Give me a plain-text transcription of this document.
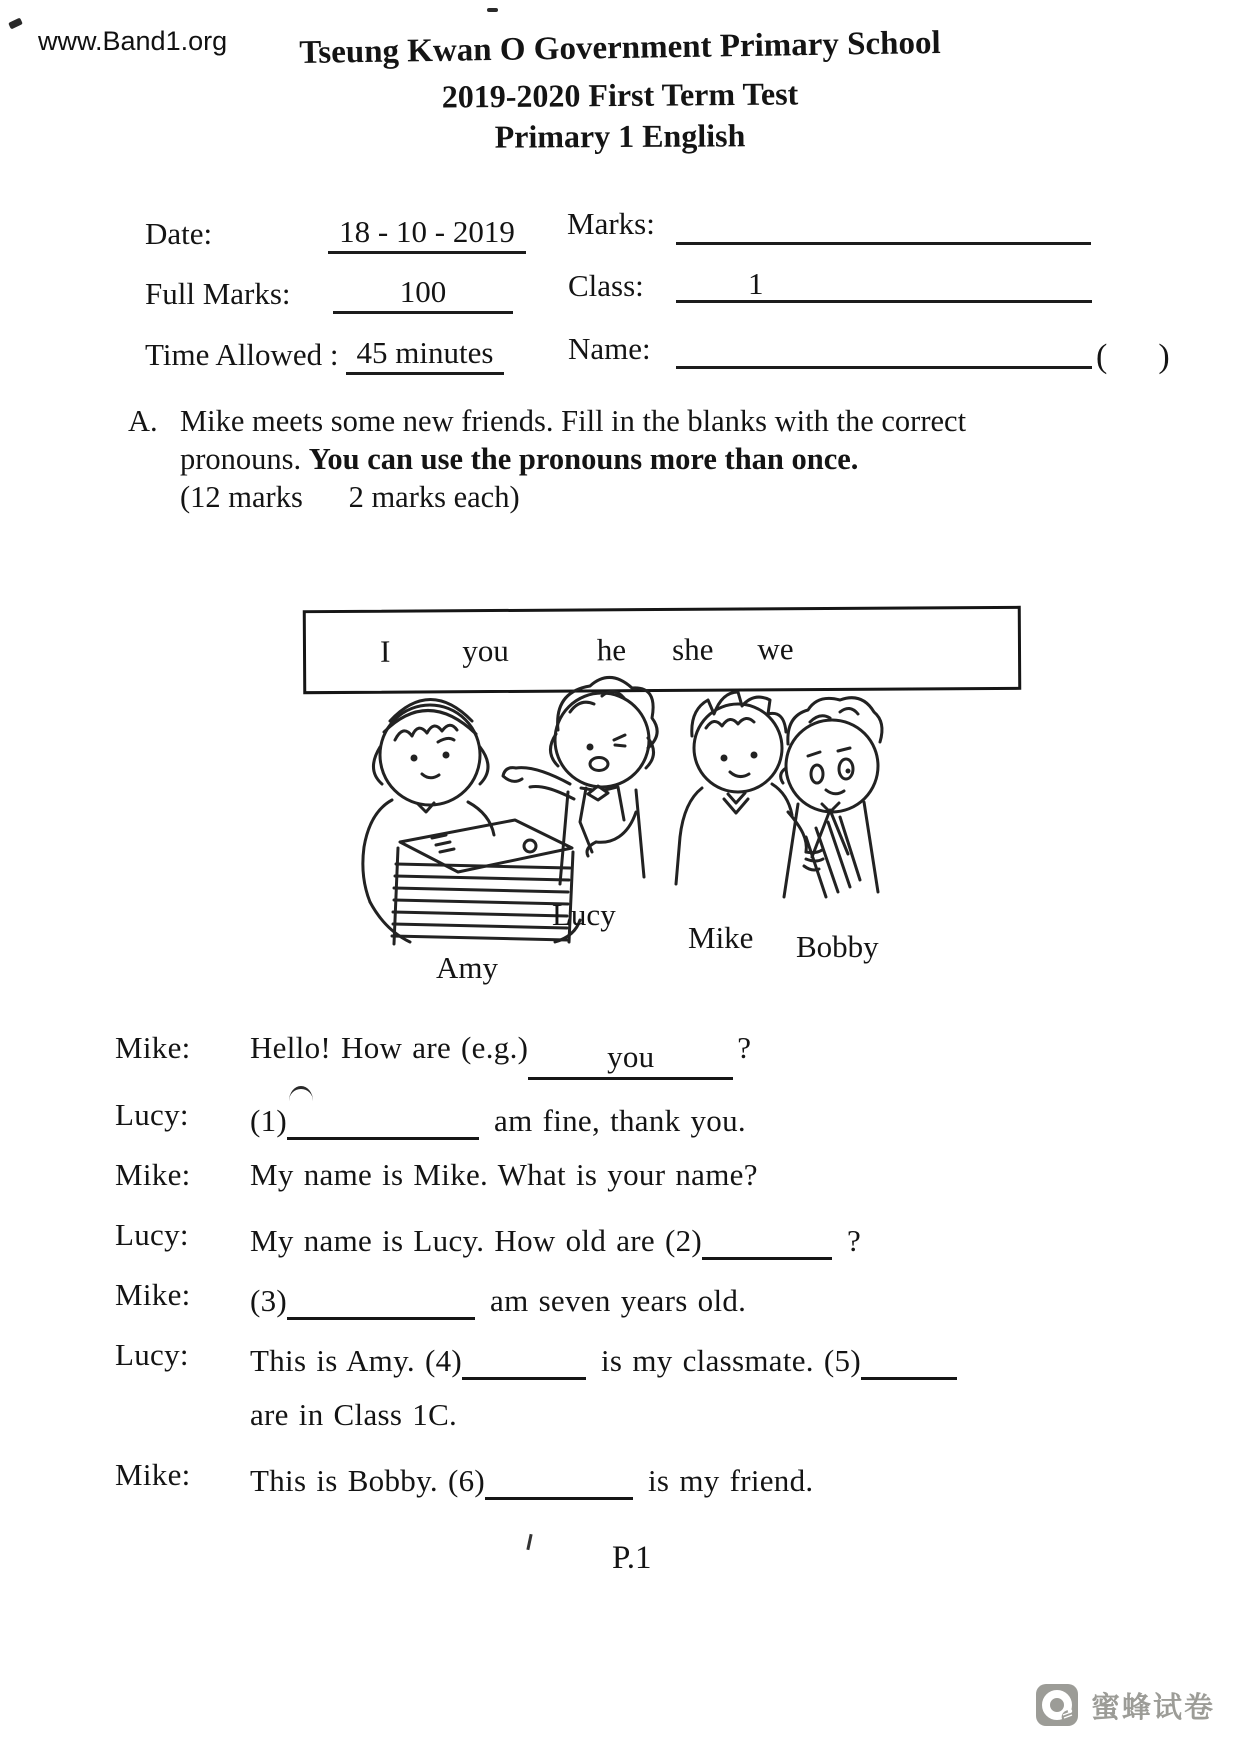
www.Band1.org	Tseung Kwan O Government Primary School
2019-2020 First Term Test
Primary 1 English
Date:	18 - 10 - 2019	Marks:
Full Marks:	100	Class:	1
Time Allowed : 45 minutes	Name:	(      )
A. Mike meets some new friends. Fill in the blanks with the correct pronouns. You can use the pronouns more than once.
(12 marks      2 marks each)
I you	he she we
Lucy
Mike Bobby
Amy
Mike: Hello! How are (e.g.)	you	?
Lucy: (1)	am fine, thank you.
Mike: My name is Mike. What is your name?
Lucy: My name is Lucy. How old are (2)	?
Mike: (3)	am seven years old.
Lucy: This is Amy. (4)	is my classmate. (5)
are in Class 1C.
Mike: This is Bobby. (6)	is my friend.
P.1
蜜蜂试卷
